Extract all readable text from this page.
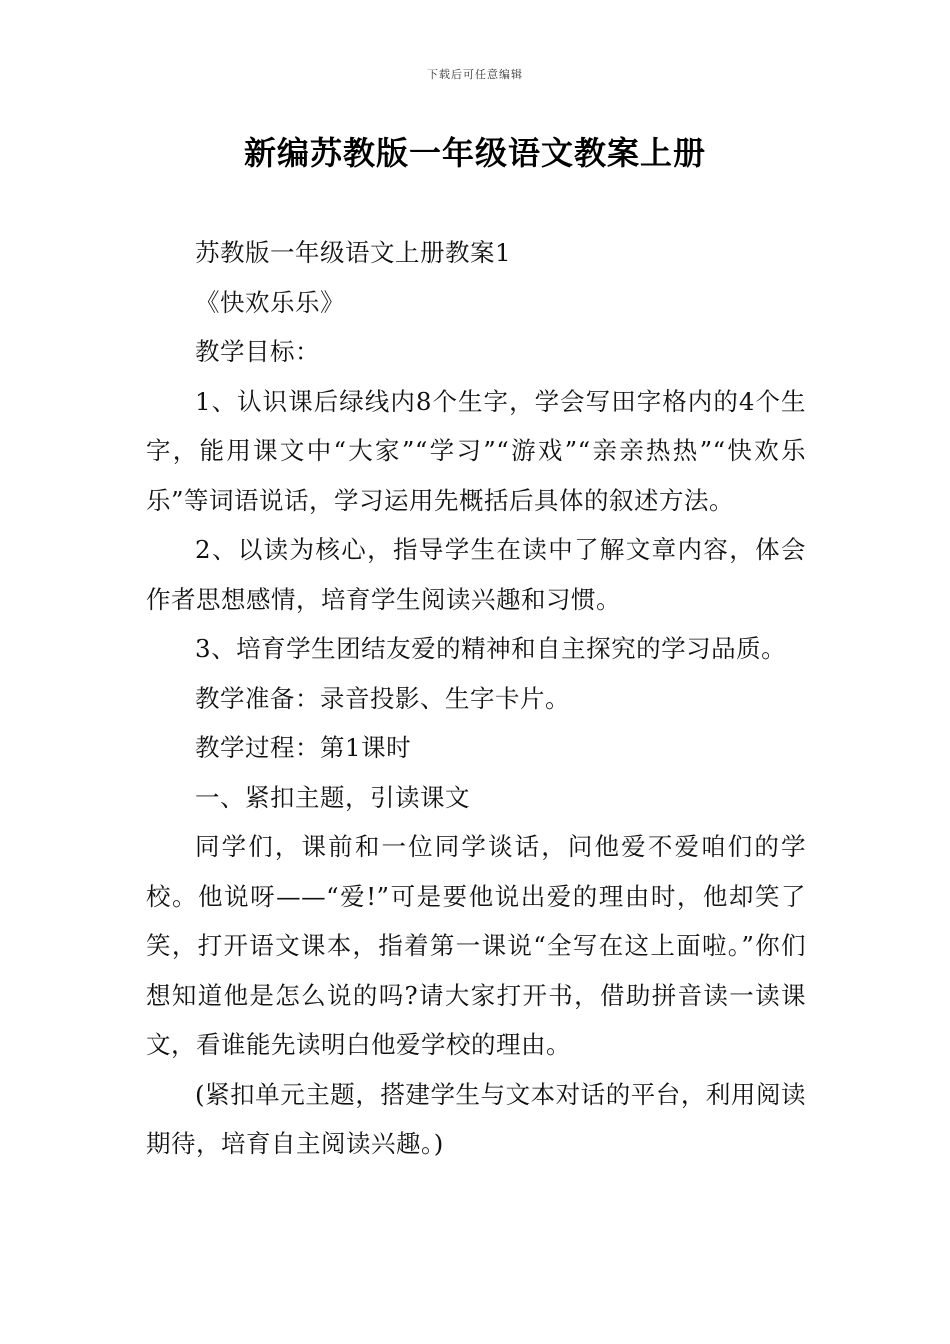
下载后可任意编辑
新编苏教版一年级语文教案上册

苏教版一年级语文上册教案1

《快欢乐乐》

教学目标：

1、认识课后绿线内8个生字，学会写田字格内的4个生字，能用课文中“大家”“学习”“游戏”“亲亲热热”“快欢乐乐”等词语说话，学习运用先概括后具体的叙述方法。

2、以读为核心，指导学生在读中了解文章内容，体会作者思想感情，培育学生阅读兴趣和习惯。

3、培育学生团结友爱的精神和自主探究的学习品质。

教学准备：录音投影、生字卡片。

教学过程：第1课时

一、紧扣主题，引读课文

同学们，课前和一位同学谈话，问他爱不爱咱们的学校。他说呀——“爱!”可是要他说出爱的理由时，他却笑了笑，打开语文课本，指着第一课说“全写在这上面啦。”你们想知道他是怎么说的吗?请大家打开书，借助拼音读一读课文，看谁能先读明白他爱学校的理由。

(紧扣单元主题，搭建学生与文本对话的平台，利用阅读期待，培育自主阅读兴趣。)
